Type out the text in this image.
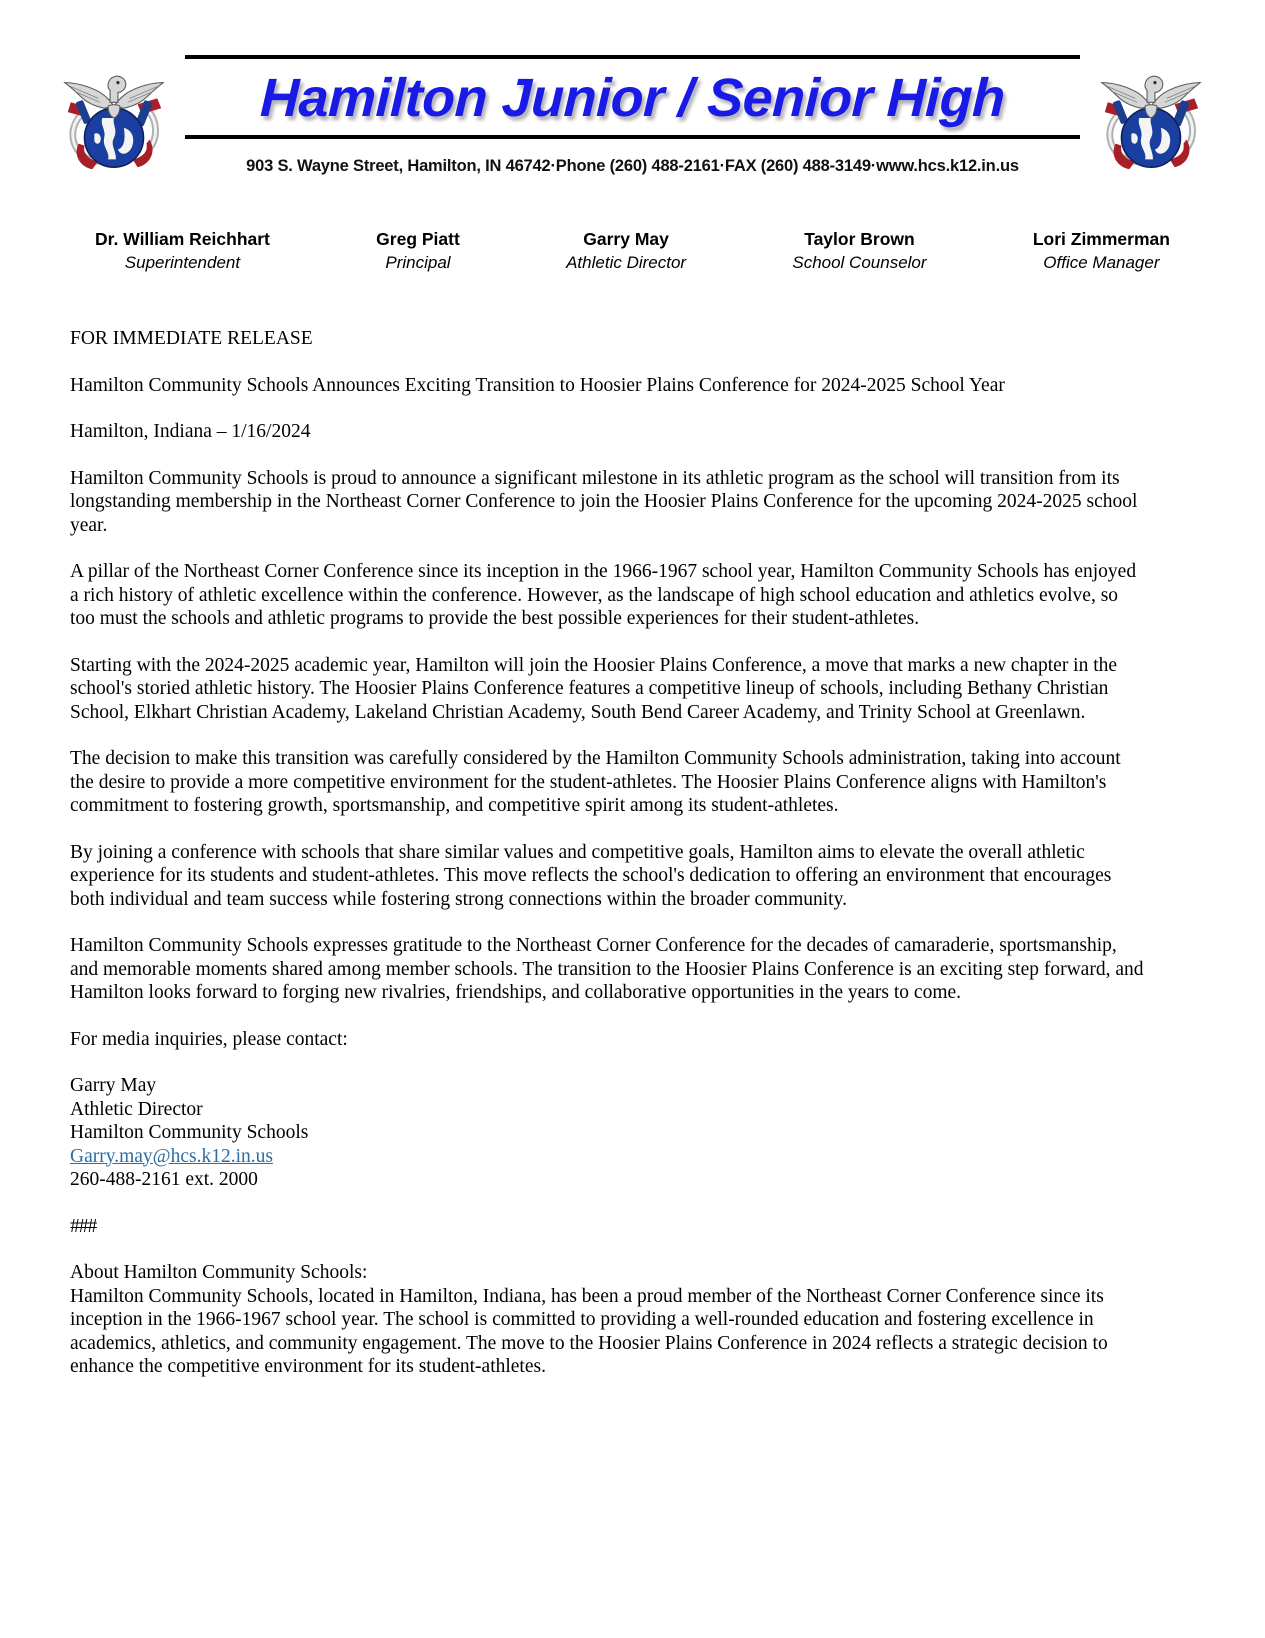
Hamilton Junior / Senior High
903 S. Wayne Street, Hamilton, IN 46742·Phone (260) 488-2161·FAX (260) 488-3149·www.hcs.k12.in.us
Dr. William Reichhart
Superintendent
Greg Piatt
Principal
Garry May
Athletic Director
Taylor Brown
School Counselor
Lori Zimmerman
Office Manager

FOR IMMEDIATE RELEASE

Hamilton Community Schools Announces Exciting Transition to Hoosier Plains Conference for 2024-2025 School Year

Hamilton, Indiana – 1/16/2024

Hamilton Community Schools is proud to announce a significant milestone in its athletic program as the school will transition from its longstanding membership in the Northeast Corner Conference to join the Hoosier Plains Conference for the upcoming 2024-2025 school year.

A pillar of the Northeast Corner Conference since its inception in the 1966-1967 school year, Hamilton Community Schools has enjoyed a rich history of athletic excellence within the conference. However, as the landscape of high school education and athletics evolve, so too must the schools and athletic programs to provide the best possible experiences for their student-athletes.

Starting with the 2024-2025 academic year, Hamilton will join the Hoosier Plains Conference, a move that marks a new chapter in the school's storied athletic history. The Hoosier Plains Conference features a competitive lineup of schools, including Bethany Christian School, Elkhart Christian Academy, Lakeland Christian Academy, South Bend Career Academy, and Trinity School at Greenlawn.

The decision to make this transition was carefully considered by the Hamilton Community Schools administration, taking into account the desire to provide a more competitive environment for the student-athletes. The Hoosier Plains Conference aligns with Hamilton's commitment to fostering growth, sportsmanship, and competitive spirit among its student-athletes.

By joining a conference with schools that share similar values and competitive goals, Hamilton aims to elevate the overall athletic experience for its students and student-athletes. This move reflects the school's dedication to offering an environment that encourages both individual and team success while fostering strong connections within the broader community.

Hamilton Community Schools expresses gratitude to the Northeast Corner Conference for the decades of camaraderie, sportsmanship, and memorable moments shared among member schools. The transition to the Hoosier Plains Conference is an exciting step forward, and Hamilton looks forward to forging new rivalries, friendships, and collaborative opportunities in the years to come.

For media inquiries, please contact:

Garry May

Athletic Director

Hamilton Community Schools

Garry.may@hcs.k12.in.us

260-488-2161 ext. 2000

###

About Hamilton Community Schools:

Hamilton Community Schools, located in Hamilton, Indiana, has been a proud member of the Northeast Corner Conference since its inception in the 1966-1967 school year. The school is committed to providing a well-rounded education and fostering excellence in academics, athletics, and community engagement. The move to the Hoosier Plains Conference in 2024 reflects a strategic decision to enhance the competitive environment for its student-athletes.
